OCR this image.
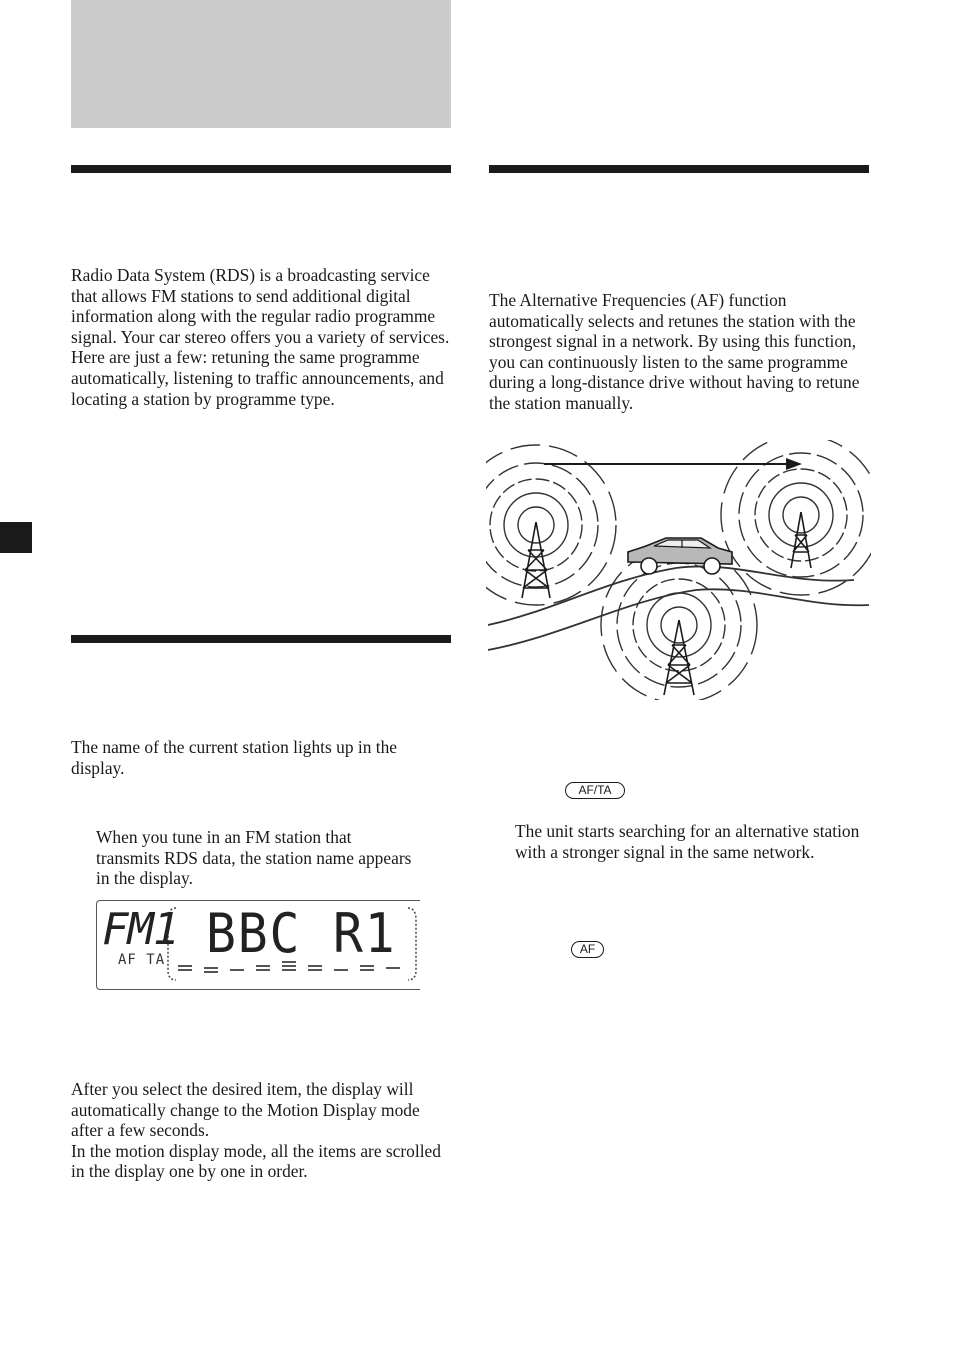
Radio Data System (RDS) is a broadcasting service that allows FM stations to send additional digital information along with the regular radio programme signal. Your car stereo offers you a variety of services. Here are just a few: retuning the same programme automatically, listening to traffic announcements, and locating a station by programme type.

The name of the current station lights up in the display.

When you tune in an FM station that transmits RDS data, the station name appears in the display.

FM1 BBC R1
AF TA

After you select the desired item, the display will automatically change to the Motion Display mode after a few seconds.
In the motion display mode, all the items are scrolled in the display one by one in order.

The Alternative Frequencies (AF) function automatically selects and retunes the station with the strongest signal in a network. By using this function, you can continuously listen to the same programme during a long-distance drive without having to retune the station manually.

AF/TA

The unit starts searching for an alternative station with a stronger signal in the same network.

AF
